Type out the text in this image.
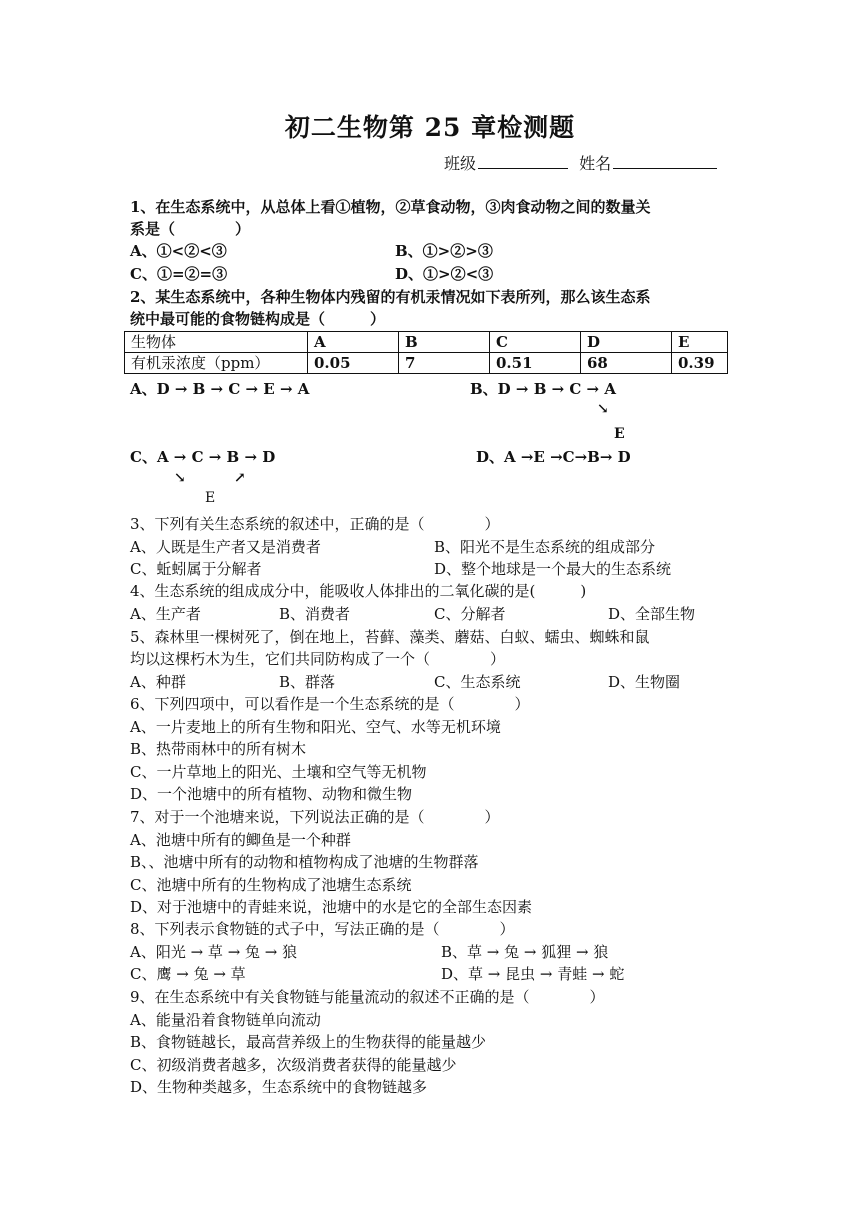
初二生物第 25 章检测题
班级	姓名
1、在生态系统中，从总体上看①植物，②草食动物，③肉食动物之间的数量关
系是（　　　　）
A、①<②<③	B、①>②>③
C、①=②=③	D、①>②<③
2、某生态系统中，各种生物体内残留的有机汞情况如下表所列，那么该生态系
统中最可能的食物链构成是（　　　）
生物体	A	B	C	D	E
有机汞浓度（ppm）	0.05	7	0.51	68	0.39
A、D → B → C → E → A	B、D → B → C → A
↘
E
C、A → C → B → D	D、A →E →C→B→ D
↘	↗
E
3、下列有关生态系统的叙述中，正确的是（　　　　）
A、人既是生产者又是消费者	B、阳光不是生态系统的组成部分
C、蚯蚓属于分解者	D、整个地球是一个最大的生态系统
4、生态系统的组成成分中，能吸收人体排出的二氧化碳的是(　　　)
A、生产者	B、消费者	C、分解者	D、全部生物
5、森林里一棵树死了，倒在地上，苔藓、藻类、蘑菇、白蚁、蠕虫、蜘蛛和鼠
均以这棵朽木为生，它们共同防构成了一个（　　　　）
A、种群	B、群落	C、生态系统	D、生物圈
6、下列四项中，可以看作是一个生态系统的是（　　　　）
A、一片麦地上的所有生物和阳光、空气、水等无机环境
B、热带雨林中的所有树木
C、一片草地上的阳光、土壤和空气等无机物
D、一个池塘中的所有植物、动物和微生物
7、对于一个池塘来说，下列说法正确的是（　　　　）
A、池塘中所有的鲫鱼是一个种群
B、、池塘中所有的动物和植物构成了池塘的生物群落
C、池塘中所有的生物构成了池塘生态系统
D、对于池塘中的青蛙来说，池塘中的水是它的全部生态因素
8、下列表示食物链的式子中，写法正确的是（　　　　）
A、阳光 → 草 → 兔 → 狼	B、草 → 兔 → 狐狸 → 狼
C、鹰 → 兔 → 草	D、草 → 昆虫 → 青蛙 → 蛇
9、在生态系统中有关食物链与能量流动的叙述不正确的是（　　　　）
A、能量沿着食物链单向流动
B、食物链越长，最高营养级上的生物获得的能量越少
C、初级消费者越多，次级消费者获得的能量越少
D、生物种类越多，生态系统中的食物链越多
